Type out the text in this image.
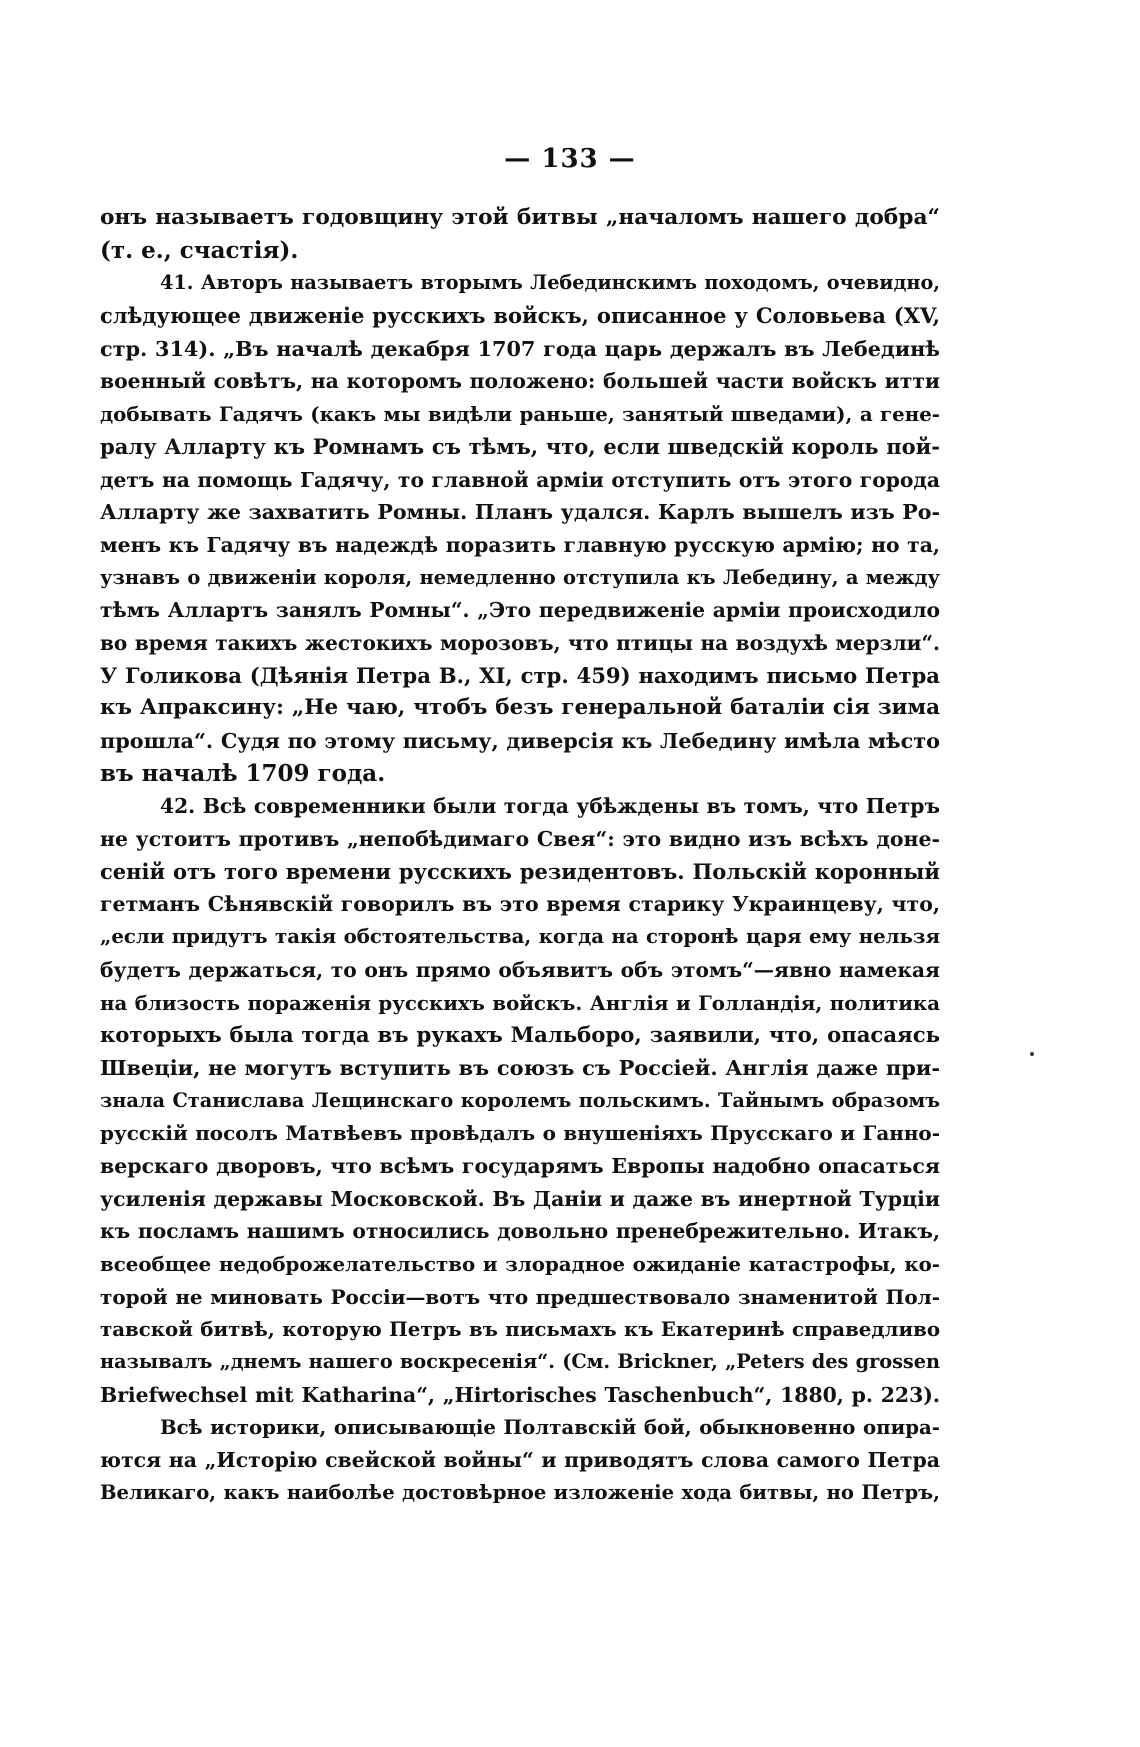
— 133 —
онъ называетъ годовщину этой битвы „началомъ нашего добра“
(т. е., счастія).
41. Авторъ называетъ вторымъ Лебединскимъ походомъ, очевидно,
слѣдующее движеніе русскихъ войскъ, описанное у Соловьева (XV,
стр. 314). „Въ началѣ декабря 1707 года царь держалъ въ Лебединѣ
военный совѣтъ, на которомъ положено: большей части войскъ итти
добывать Гадячъ (какъ мы видѣли раньше, занятый шведами), а гене-
ралу Алларту къ Ромнамъ съ тѣмъ, что, если шведскій король пой-
детъ на помощь Гадячу, то главной арміи отступить отъ этого города
Алларту же захватить Ромны. Планъ удался. Карлъ вышелъ изъ Ро-
менъ къ Гадячу въ надеждѣ поразить главную русскую армію; но та,
узнавъ о движеніи короля, немедленно отступила къ Лебедину, а между
тѣмъ Аллартъ занялъ Ромны“. „Это передвиженіе арміи происходило
во время такихъ жестокихъ морозовъ, что птицы на воздухѣ мерзли“.
У Голикова (Дѣянія Петра В., XI, стр. 459) находимъ письмо Петра
къ Апраксину: „Не чаю, чтобъ безъ генеральной баталіи сія зима
прошла“. Судя по этому письму, диверсія къ Лебедину имѣла мѣсто
въ началѣ 1709 года.
42. Всѣ современники были тогда убѣждены въ томъ, что Петръ
не устоитъ противъ „непобѣдимаго Свея“: это видно изъ всѣхъ доне-
сеній отъ того времени русскихъ резидентовъ. Польскій коронный
гетманъ Сѣнявскій говорилъ въ это время старику Украинцеву, что,
„если придутъ такія обстоятельства, когда на сторонѣ царя ему нельзя
будетъ держаться, то онъ прямо объявитъ объ этомъ“—явно намекая
на близость пораженія русскихъ войскъ. Англія и Голландія, политика
которыхъ была тогда въ рукахъ Мальборо, заявили, что, опасаясь
Швеціи, не могутъ вступить въ союзъ съ Россіей. Англія даже при-
знала Станислава Лещинскаго королемъ польскимъ. Тайнымъ образомъ
русскій посолъ Матвѣевъ провѣдалъ о внушеніяхъ Прусскаго и Ганно-
верскаго дворовъ, что всѣмъ государямъ Европы надобно опасаться
усиленія державы Московской. Въ Даніи и даже въ инертной Турціи
къ посламъ нашимъ относились довольно пренебрежительно. Итакъ,
всеобщее недоброжелательство и злорадное ожиданіе катастрофы, ко-
торой не миновать Россіи—вотъ что предшествовало знаменитой Пол-
тавской битвѣ, которую Петръ въ письмахъ къ Екатеринѣ справедливо
называлъ „днемъ нашего воскресенія“. (См. Brickner, „Peters des grossen
Briefwechsel mit Katharina“, „Hirtorisches Taschenbuch“, 1880, p. 223).
Всѣ историки, описывающіе Полтавскій бой, обыкновенно опира-
ются на „Исторію свейской войны“ и приводятъ слова самого Петра
Великаго, какъ наиболѣе достовѣрное изложеніе хода битвы, но Петръ,
